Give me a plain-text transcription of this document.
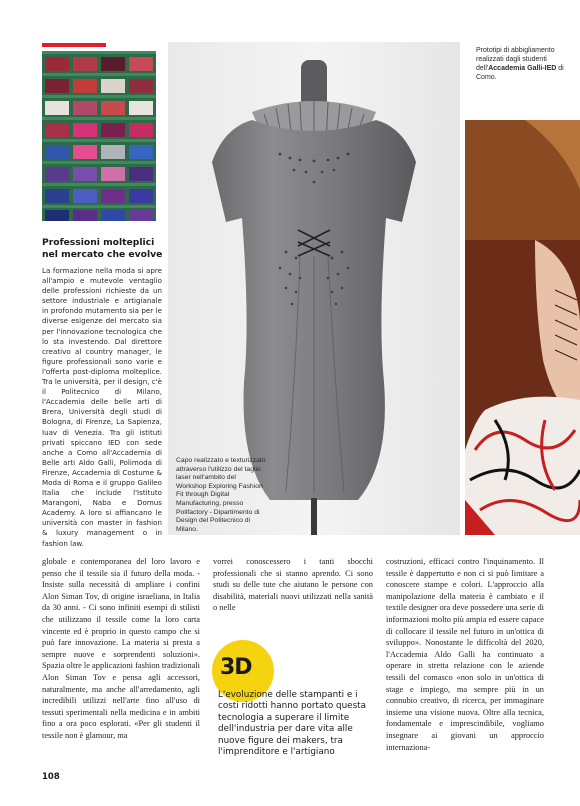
Professioni molteplici nel mercato che evolve
La formazione nella moda si apre all'ampio e mutevole ventaglio delle professioni richieste da un settore industriale e artigianale in profondo mutamento sia per le diverse esigenze del mercato sia per l'innovazione tecnologica che lo sta investendo. Dal direttore creativo al country manager, le figure professionali sono varie e l'offerta post-diploma molteplice. Tra le università, per il design, c'è il Politecnico di Milano, l'Accademia delle belle arti di Brera, Università degli studi di Bologna, di Firenze, La Sapienza, Iuav di Venezia. Tra gli istituti privati spiccano IED con sede anche a Como all'Accademia di Belle arti Aldo Galli, Polimoda di Firenze, Accademia di Costume & Moda di Roma e il gruppo Galileo Italia che include l'Istituto Marangoni, Naba e Domus Academy. A loro si affiancano le università con master in fashion & luxury management o in fashion law.
Capo realizzato e texturizzato attraverso l'utilizzo del taglio laser nell'ambito del Workshop Exploring Fashion Fit through Digital Manufacturing, presso Polifactory - Dipartimento di Design del Politecnico di Milano.
Prototipi di abbigliamento realizzati dagli studenti dell'Accademia Galli-IED di Como.
globale e contemporanea del loro lavoro e penso che il tessile sia il futuro della moda. - Insiste sulla necessità di ampliare i confini Alon Siman Tov, di origine israeliana, in Italia da 30 anni. - Ci sono infiniti esempi di stilisti che utilizzano il tessile come la loro carta vincente ed è proprio in questo campo che si può fare innovazione. La materia si presta a sempre nuove e sorprendenti soluzioni». Spazia oltre le applicazioni fashion tradizionali Alon Siman Tov e pensa agli accessori, naturalmente, ma anche all'arredamento, agli incredibili utilizzi nell'arte fino all'uso di tessuti sperimentali nella medicina e in ambiti fino a ora poco esplorati. «Per gli studenti il tessile non è glamour, ma
vorrei conoscessero i tanti sbocchi professionali che si stanno aprendo. Ci sono studi su delle tute che aiutano le persone con disabilità, materiali nuovi utilizzati nella sanità o nelle
costruzioni, efficaci contro l'inquinamento. Il tessile è dappertutto e non ci si può limitare a conoscere stampe e colori. L'approccio alla manipolazione della materia è cambiato e il textile designer ora deve possedere una serie di informazioni molto più ampia ed essere capace di collocare il tessile nel futuro in un'ottica di sviluppo». Nonostante le difficoltà del 2020, l'Accademia Aldo Galli ha continuato a operare in stretta relazione con le aziende tessili del comasco «non solo in un'ottica di stage e impiego, ma sempre più in un connubio creativo, di ricerca, per immaginare insieme una visione nuova. Oltre alla tecnica, fondamentale e imprescindibile, vogliamo insegnare ai giovani un approccio internaziona-
3D
L'evoluzione delle stampanti e i costi ridotti hanno portato questa tecnologia a superare il limite dell'industria per dare vita alle nuove figure dei makers, tra l'imprenditore e l'artigiano
108
